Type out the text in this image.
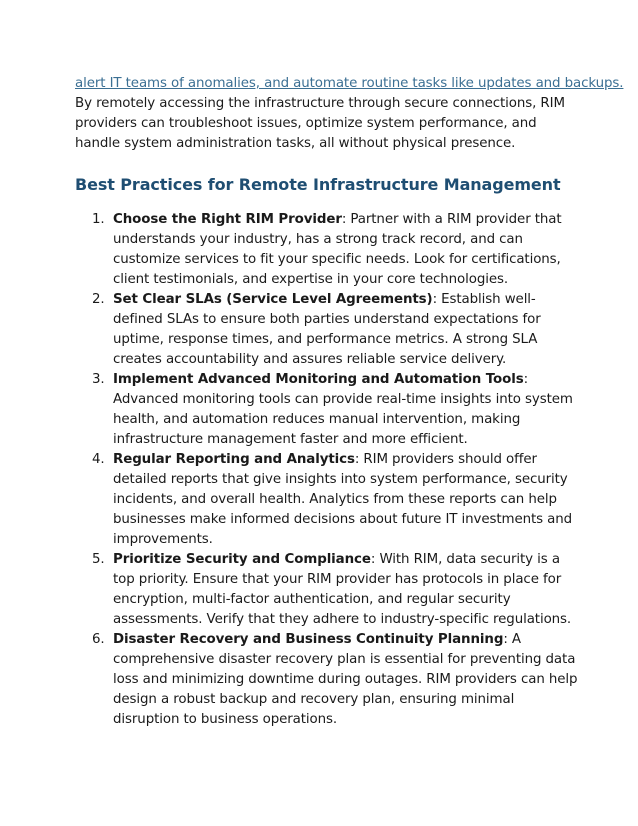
alert IT teams of anomalies, and automate routine tasks like updates and backups.

By remotely accessing the infrastructure through secure connections, RIM providers can troubleshoot issues, optimize system performance, and handle system administration tasks, all without physical presence.

Best Practices for Remote Infrastructure Management
1. Choose the Right RIM Provider: Partner with a RIM provider that understands your industry, has a strong track record, and can customize services to fit your specific needs. Look for certifications, client testimonials, and expertise in your core technologies.
2. Set Clear SLAs (Service Level Agreements): Establish well-defined SLAs to ensure both parties understand expectations for uptime, response times, and performance metrics. A strong SLA creates accountability and assures reliable service delivery.
3. Implement Advanced Monitoring and Automation Tools: Advanced monitoring tools can provide real-time insights into system health, and automation reduces manual intervention, making infrastructure management faster and more efficient.
4. Regular Reporting and Analytics: RIM providers should offer detailed reports that give insights into system performance, security incidents, and overall health. Analytics from these reports can help businesses make informed decisions about future IT investments and improvements.
5. Prioritize Security and Compliance: With RIM, data security is a top priority. Ensure that your RIM provider has protocols in place for encryption, multi-factor authentication, and regular security assessments. Verify that they adhere to industry-specific regulations.
6. Disaster Recovery and Business Continuity Planning: A comprehensive disaster recovery plan is essential for preventing data loss and minimizing downtime during outages. RIM providers can help design a robust backup and recovery plan, ensuring minimal disruption to business operations.
